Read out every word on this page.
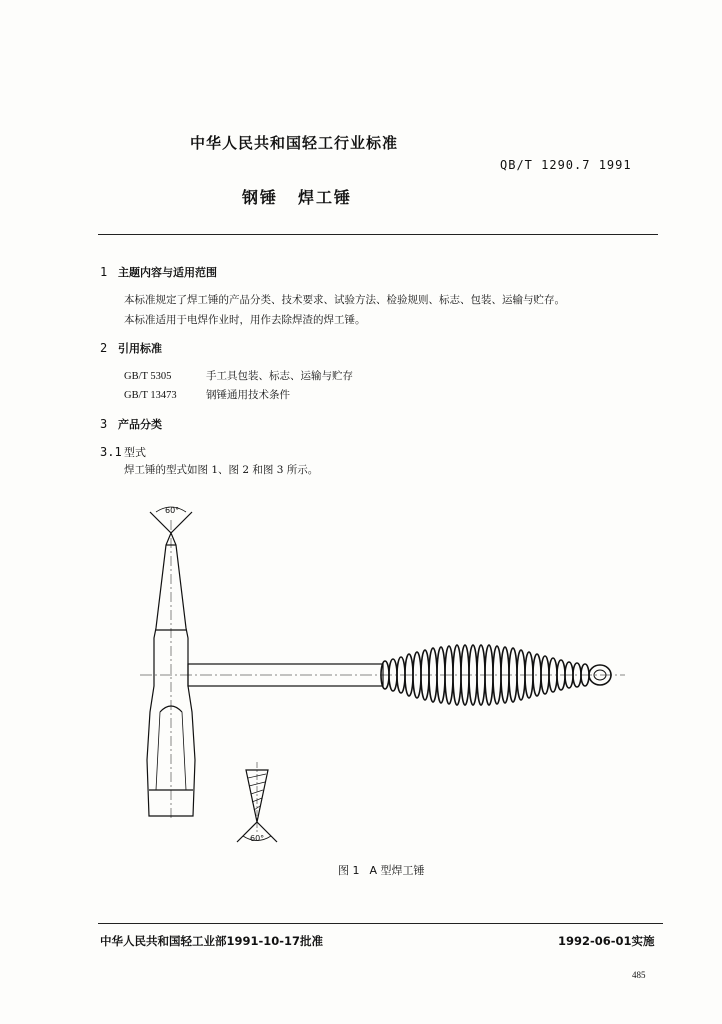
中华人民共和国轻工行业标准
QB/T 1290.7 1991
钢锤 焊工锤
1 主题内容与适用范围
本标准规定了焊工锤的产品分类、技术要求、试验方法、检验规则、标志、包装、运输与贮存。
本标准适用于电焊作业时，用作去除焊渣的焊工锤。
2 引用标准
GB/T 5305	手工具包装、标志、运输与贮存
GB/T 13473	钢锤通用技术条件
3 产品分类
3.1 型式
焊工锤的型式如图 1、图 2 和图 3 所示。
60°
60°
图 1 A 型焊工锤
中华人民共和国轻工业部1991-10-17批准	1992-06-01实施
485
